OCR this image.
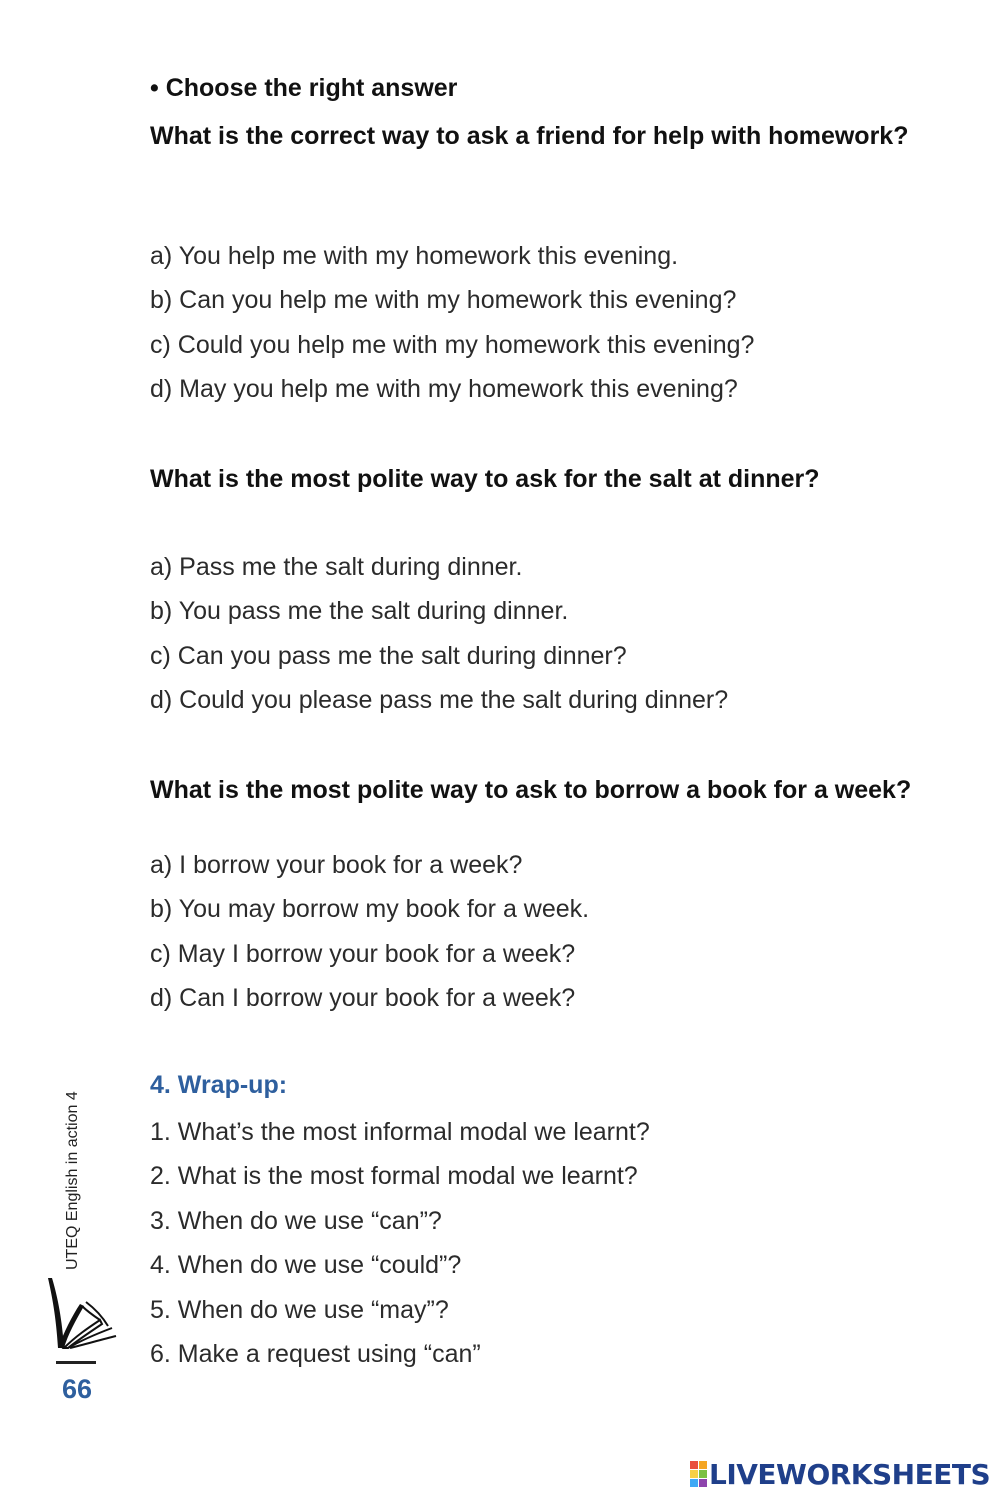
• Choose the right answer
What is the correct way to ask a friend for help with homework?
a) You help me with my homework this evening.
b) Can you help me with my homework this evening?
c) Could you help me with my homework this evening?
d) May you help me with my homework this evening?
What is the most polite way to ask for the salt at dinner?
a) Pass me the salt during dinner.
b) You pass me the salt during dinner.
c) Can you pass me the salt during dinner?
d) Could you please pass me the salt during dinner?
What is the most polite way to ask to borrow a book for a week?
a) I borrow your book for a week?
b) You may borrow my book for a week.
c) May I borrow your book for a week?
d) Can I borrow your book for a week?
4. Wrap-up:
1. What’s the most informal modal we learnt?
2. What is the most formal modal we learnt?
3. When do we use “can”?
4. When do we use “could”?
5. When do we use “may”?
6. Make a request using “can”
UTEQ English in action 4
66
LIVEWORKSHEETS
